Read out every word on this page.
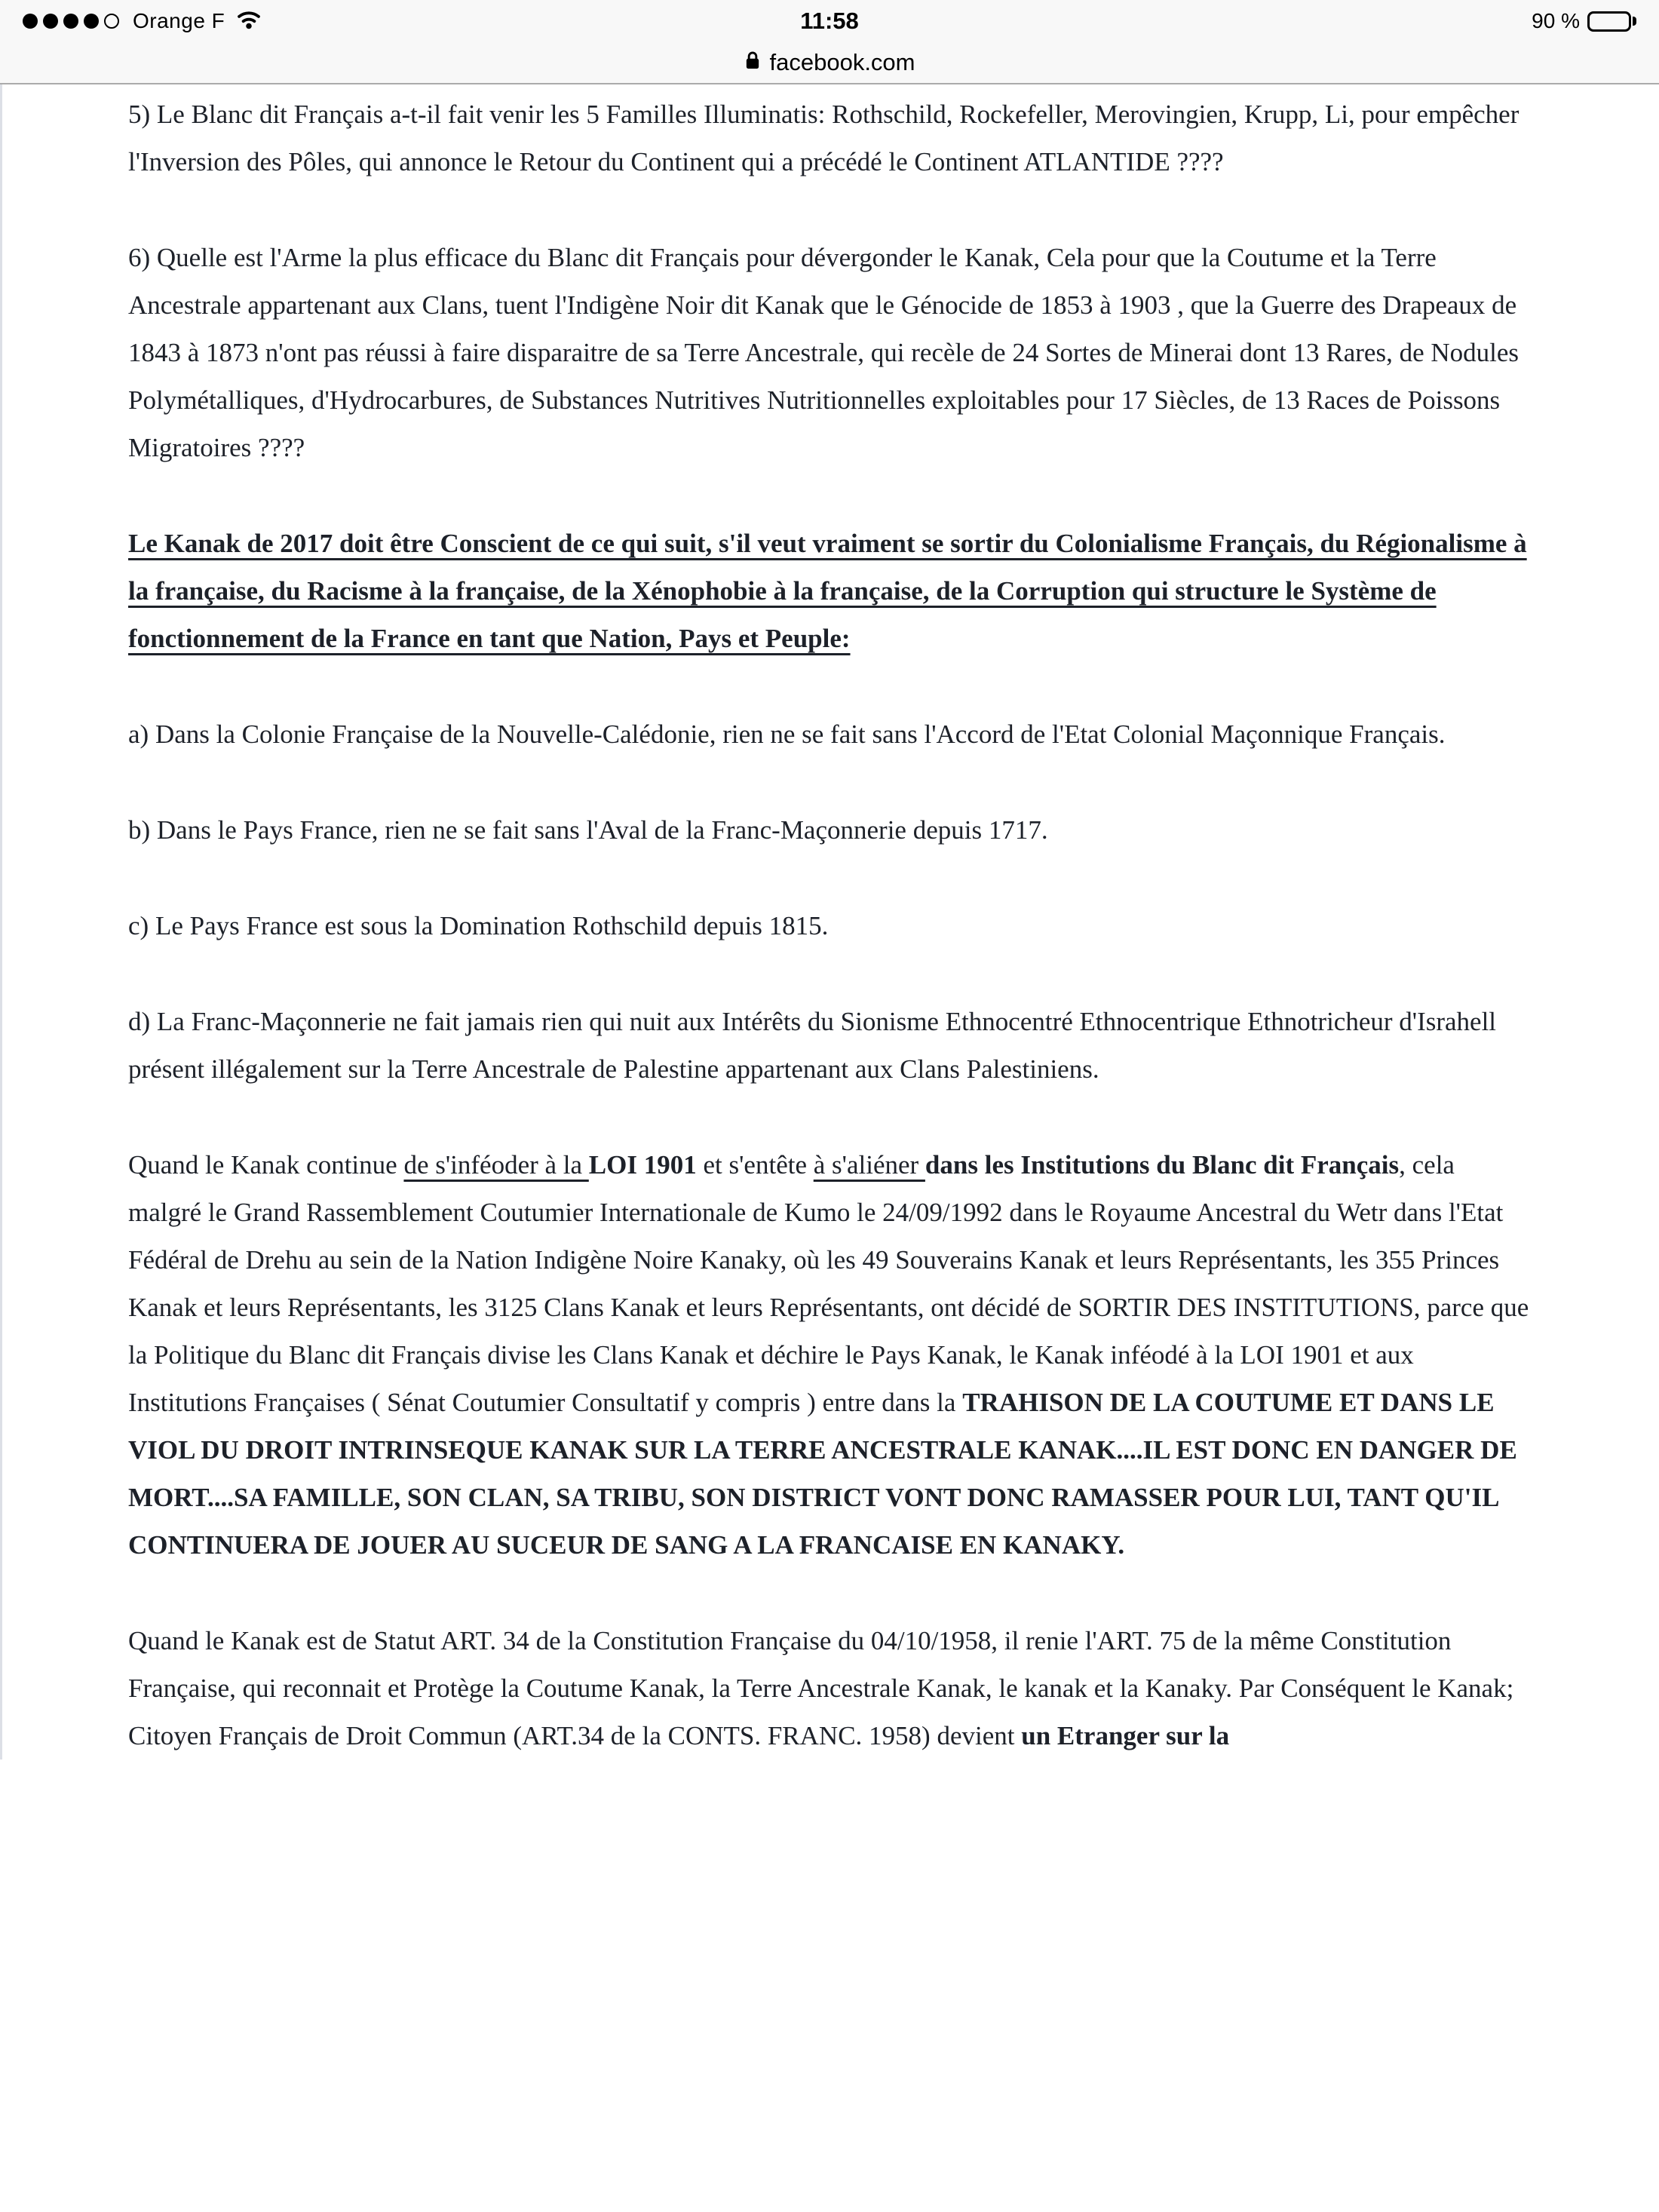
Orange F	11:58	90 %
facebook.com

5) Le Blanc dit Français a-t-il fait venir les 5 Familles Illuminatis: Rothschild, Rockefeller, Merovingien, Krupp, Li, pour empêcher l'Inversion des Pôles, qui annonce le Retour du Continent qui a précédé le Continent ATLANTIDE ????

6) Quelle est l'Arme la plus efficace du Blanc dit Français pour dévergonder le Kanak, Cela pour que la Coutume et la Terre Ancestrale appartenant aux Clans, tuent l'Indigène Noir dit Kanak que le Génocide de 1853 à 1903 , que la Guerre des Drapeaux de 1843 à 1873 n'ont pas réussi à faire disparaitre de sa Terre Ancestrale, qui recèle de 24 Sortes de Minerai dont 13 Rares, de Nodules Polymétalliques, d'Hydrocarbures, de Substances Nutritives Nutritionnelles exploitables pour 17 Siècles, de 13 Races de Poissons Migratoires ????

Le Kanak de 2017 doit être Conscient de ce qui suit, s'il veut vraiment se sortir du Colonialisme Français, du Régionalisme à la française, du Racisme à la française, de la Xénophobie à la française, de la Corruption qui structure le Système de fonctionnement de la France en tant que Nation, Pays et Peuple:

a) Dans la Colonie Française de la Nouvelle-Calédonie, rien ne se fait sans l'Accord de l'Etat Colonial Maçonnique Français.

b) Dans le Pays France, rien ne se fait sans l'Aval de la Franc-Maçonnerie depuis 1717.

c) Le Pays France est sous la Domination Rothschild depuis 1815.

d) La Franc-Maçonnerie ne fait jamais rien qui nuit aux Intérêts du Sionisme Ethnocentré Ethnocentrique Ethnotricheur d'Israhell présent illégalement sur la Terre Ancestrale de Palestine appartenant aux Clans Palestiniens.

Quand le Kanak continue de s'inféoder à la LOI 1901 et s'entête à s'aliéner dans les Institutions du Blanc dit Français, cela malgré le Grand Rassemblement Coutumier Internationale de Kumo le 24/09/1992 dans le Royaume Ancestral du Wetr dans l'Etat Fédéral de Drehu au sein de la Nation Indigène Noire Kanaky, où les 49 Souverains Kanak et leurs Représentants, les 355 Princes Kanak et leurs Représentants, les 3125 Clans Kanak et leurs Représentants, ont décidé de SORTIR DES INSTITUTIONS, parce que la Politique du Blanc dit Français divise les Clans Kanak et déchire le Pays Kanak, le Kanak inféodé à la LOI 1901 et aux Institutions Françaises ( Sénat Coutumier Consultatif y compris ) entre dans la TRAHISON DE LA COUTUME ET DANS LE VIOL DU DROIT INTRINSEQUE KANAK SUR LA TERRE ANCESTRALE KANAK....IL EST DONC EN DANGER DE MORT....SA FAMILLE, SON CLAN, SA TRIBU, SON DISTRICT VONT DONC RAMASSER POUR LUI, TANT QU'IL CONTINUERA DE JOUER AU SUCEUR DE SANG A LA FRANCAISE EN KANAKY.

Quand le Kanak est de Statut ART. 34 de la Constitution Française du 04/10/1958, il renie l'ART. 75 de la même Constitution Française, qui reconnait et Protège la Coutume Kanak, la Terre Ancestrale Kanak, le kanak et la Kanaky. Par Conséquent le Kanak; Citoyen Français de Droit Commun (ART.34 de la CONTS. FRANC. 1958) devient un Etranger sur la
